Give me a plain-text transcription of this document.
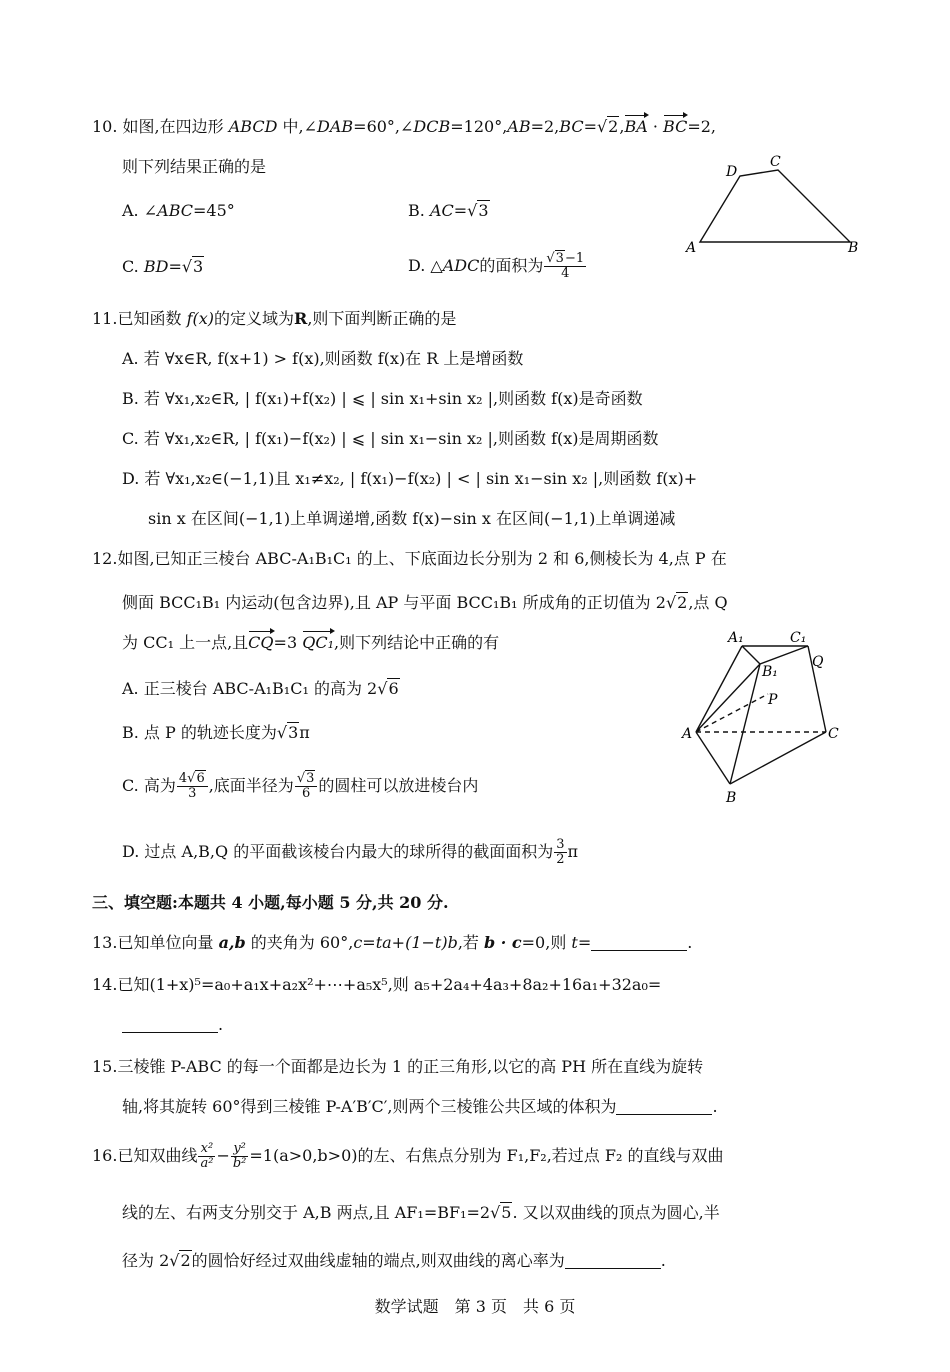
10. 如图,在四边形 ABCD 中,∠DAB=60°,∠DCB=120°,AB=2,BC=√2,BA · BC=2,
则下列结果正确的是
A. ∠ABC=45°	B. AC=√3
C. BD=√3	D. △ADC的面积为 $\frac{√3-1}{4}$
A	B
C
D
11.已知函数 f(x)的定义域为R,则下面判断正确的是
A. 若 ∀x∈R, f(x+1) > f(x),则函数 f(x)在 R 上是增函数
B. 若 ∀x₁,x₂∈R, | f(x₁)+f(x₂) | ⩽ | sin x₁+sin x₂ |,则函数 f(x)是奇函数
C. 若 ∀x₁,x₂∈R, | f(x₁)−f(x₂) | ⩽ | sin x₁−sin x₂ |,则函数 f(x)是周期函数
D. 若 ∀x₁,x₂∈(−1,1)且 x₁≠x₂, | f(x₁)−f(x₂) | < | sin x₁−sin x₂ |,则函数 f(x)+
sin x 在区间(−1,1)上单调递增,函数 f(x)−sin x 在区间(−1,1)上单调递减
12.如图,已知正三棱台 ABC-A₁B₁C₁ 的上、下底面边长分别为 2 和 6,侧棱长为 4,点 P 在
侧面 BCC₁B₁ 内运动(包含边界),且 AP 与平面 BCC₁B₁ 所成角的正切值为 2√2,点 Q
为 CC₁ 上一点,且CQ=3 QC₁,则下列结论中正确的有
A. 正三棱台 ABC-A₁B₁C₁ 的高为 2√6
B. 点 P 的轨迹长度为√3π
C. 高为 $\frac{4√6}{3}$ ,底面半径为 $\frac{√3}{6}$ 的圆柱可以放进棱台内
D. 过点 A,B,Q 的平面截该棱台内最大的球所得的截面面积为 $\frac{3}{2}$ π
A₁	C₁
B₁
Q
P
A	C
B
三、填空题:本题共 4 小题,每小题 5 分,共 20 分.
13.已知单位向量 a,b 的夹角为 60°,c=ta+(1−t)b,若 b · c=0,则 t=	.
14.已知(1+x)⁵=a₀+a₁x+a₂x²+⋯+a₅x⁵,则 a₅+2a₄+4a₃+8a₂+16a₁+32a₀=
.
15.三棱锥 P-ABC 的每一个面都是边长为 1 的正三角形,以它的高 PH 所在直线为旋转
轴,将其旋转 60°得到三棱锥 P-A′B′C′,则两个三棱锥公共区域的体积为	.
16.已知双曲线 $\frac{\text{x²}}{\text{a²}} - \frac{\text{y²}}{\text{b²}} =1(a>0,b>0)$的左、右焦点分别为 F₁,F₂,若过点 F₂ 的直线与双曲
线的左、右两支分别交于 A,B 两点,且 AF₁=BF₁=2√5. 又以双曲线的顶点为圆心,半
径为 2√2的圆恰好经过双曲线虚轴的端点,则双曲线的离心率为	.
数学试题　第 3 页　共 6 页
